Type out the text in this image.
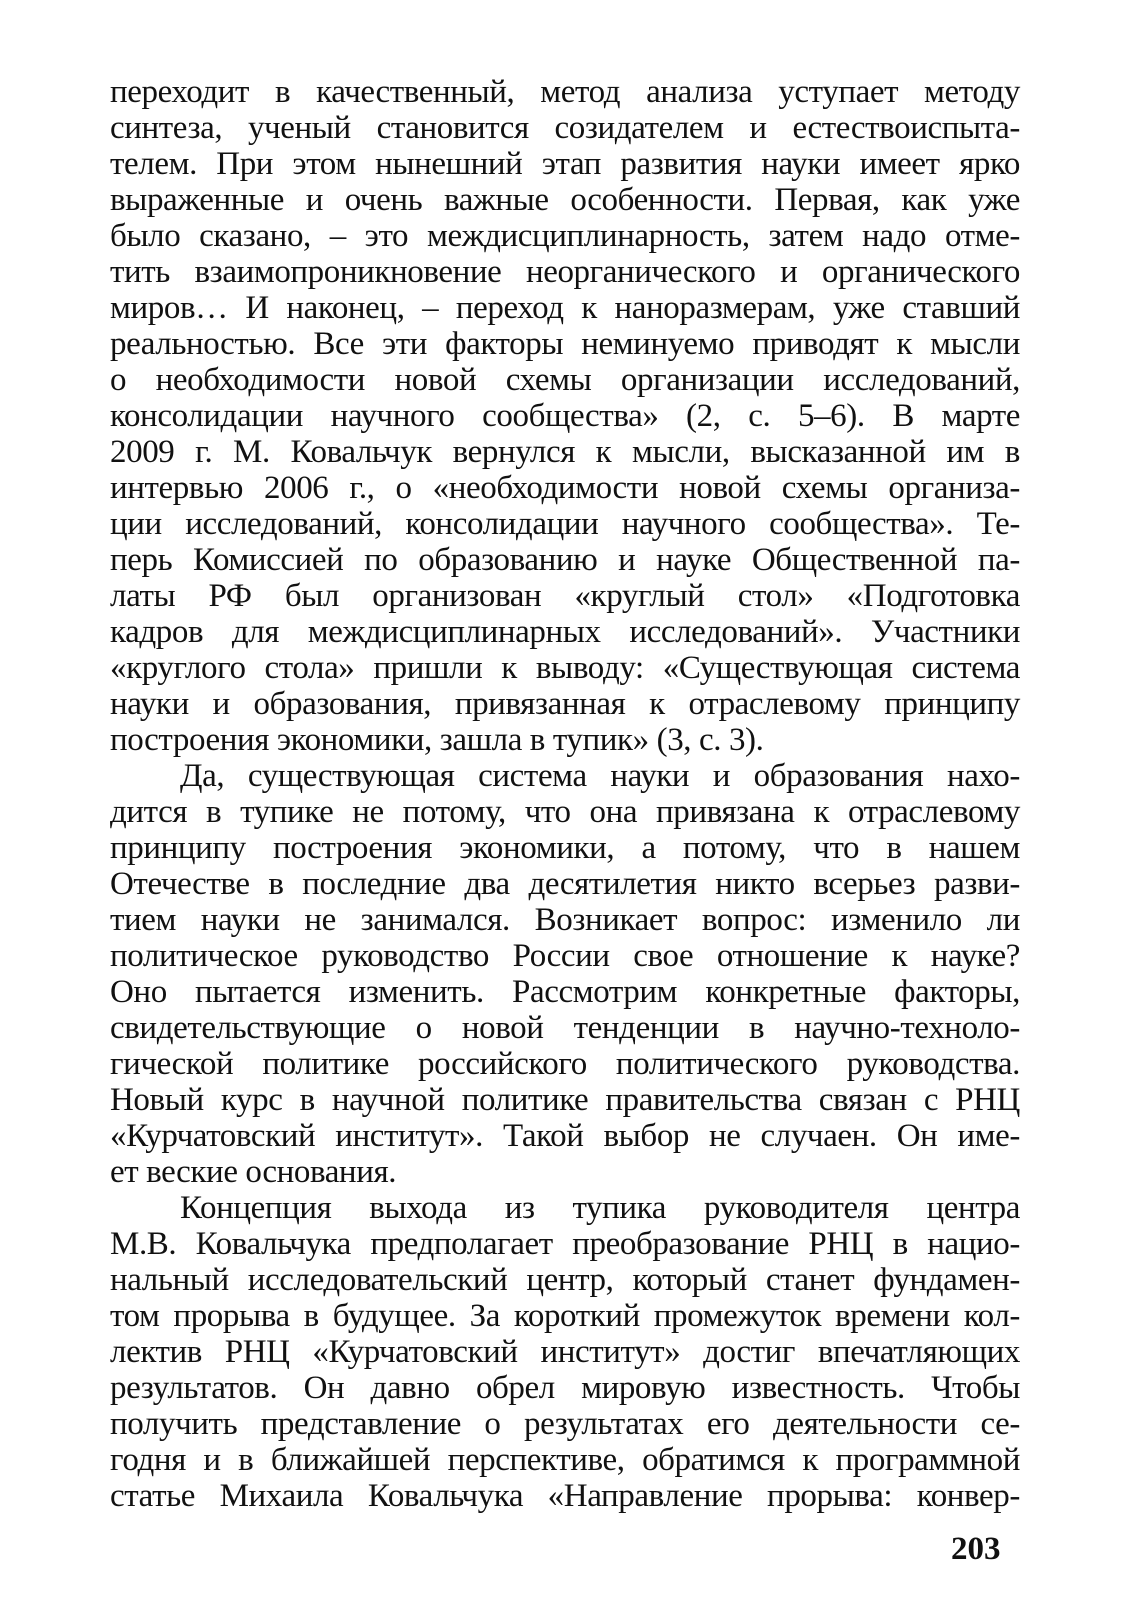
переходит в качественный, метод анализа уступает методу
синтеза, ученый становится созидателем и естествоиспыта-
телем. При этом нынешний этап развития науки имеет ярко
выраженные и очень важные особенности. Первая, как уже
было сказано, – это междисциплинарность, затем надо отме-
тить взаимопроникновение неорганического и органического
миров… И наконец, – переход к наноразмерам, уже ставший
реальностью. Все эти факторы неминуемо приводят к мысли
о необходимости новой схемы организации исследований,
консолидации научного сообщества» (2, с. 5–6). В марте
2009 г. М. Ковальчук вернулся к мысли, высказанной им в
интервью 2006 г., о «необходимости новой схемы организа-
ции исследований, консолидации научного сообщества». Те-
перь Комиссией по образованию и науке Общественной па-
латы РФ был организован «круглый стол» «Подготовка
кадров для междисциплинарных исследований». Участники
«круглого стола» пришли к выводу: «Существующая система
науки и образования, привязанная к отраслевому принципу
построения экономики, зашла в тупик» (3, с. 3).
Да, существующая система науки и образования нахо-
дится в тупике не потому, что она привязана к отраслевому
принципу построения экономики, а потому, что в нашем
Отечестве в последние два десятилетия никто всерьез разви-
тием науки не занимался. Возникает вопрос: изменило ли
политическое руководство России свое отношение к науке?
Оно пытается изменить. Рассмотрим конкретные факторы,
свидетельствующие о новой тенденции в научно-техноло-
гической политике российского политического руководства.
Новый курс в научной политике правительства связан с РНЦ
«Курчатовский институт». Такой выбор не случаен. Он име-
ет веские основания.
Концепция выхода из тупика руководителя центра
М.В. Ковальчука предполагает преобразование РНЦ в нацио-
нальный исследовательский центр, который станет фундамен-
том прорыва в будущее. За короткий промежуток времени кол-
лектив РНЦ «Курчатовский институт» достиг впечатляющих
результатов. Он давно обрел мировую известность. Чтобы
получить представление о результатах его деятельности се-
годня и в ближайшей перспективе, обратимся к программной
статье Михаила Ковальчука «Направление прорыва: конвер-
203
